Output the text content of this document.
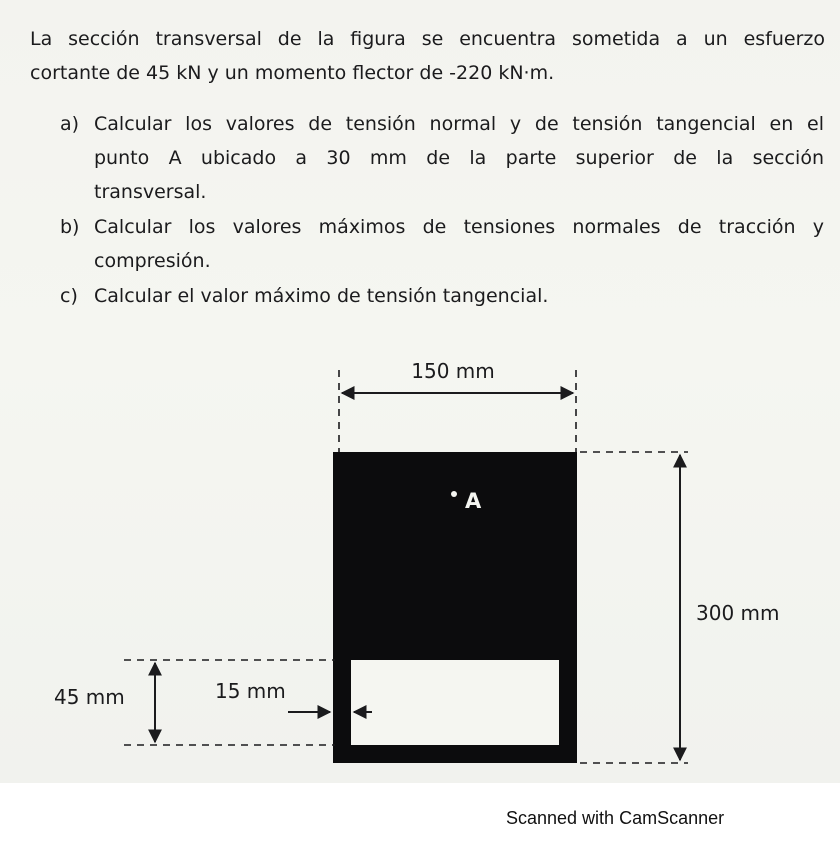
La sección transversal de la figura se encuentra sometida a un esfuerzo
cortante de 45 kN y un momento flector de -220 kN·m.
a) Calcular los valores de tensión normal y de tensión tangencial en el
punto A ubicado a 30 mm de la parte superior de la sección
transversal.
b) Calcular los valores máximos de tensiones normales de tracción y
compresión.
c) Calcular el valor máximo de tensión tangencial.
150 mm
A
300 mm
45 mm	15 mm
Scanned with CamScanner
